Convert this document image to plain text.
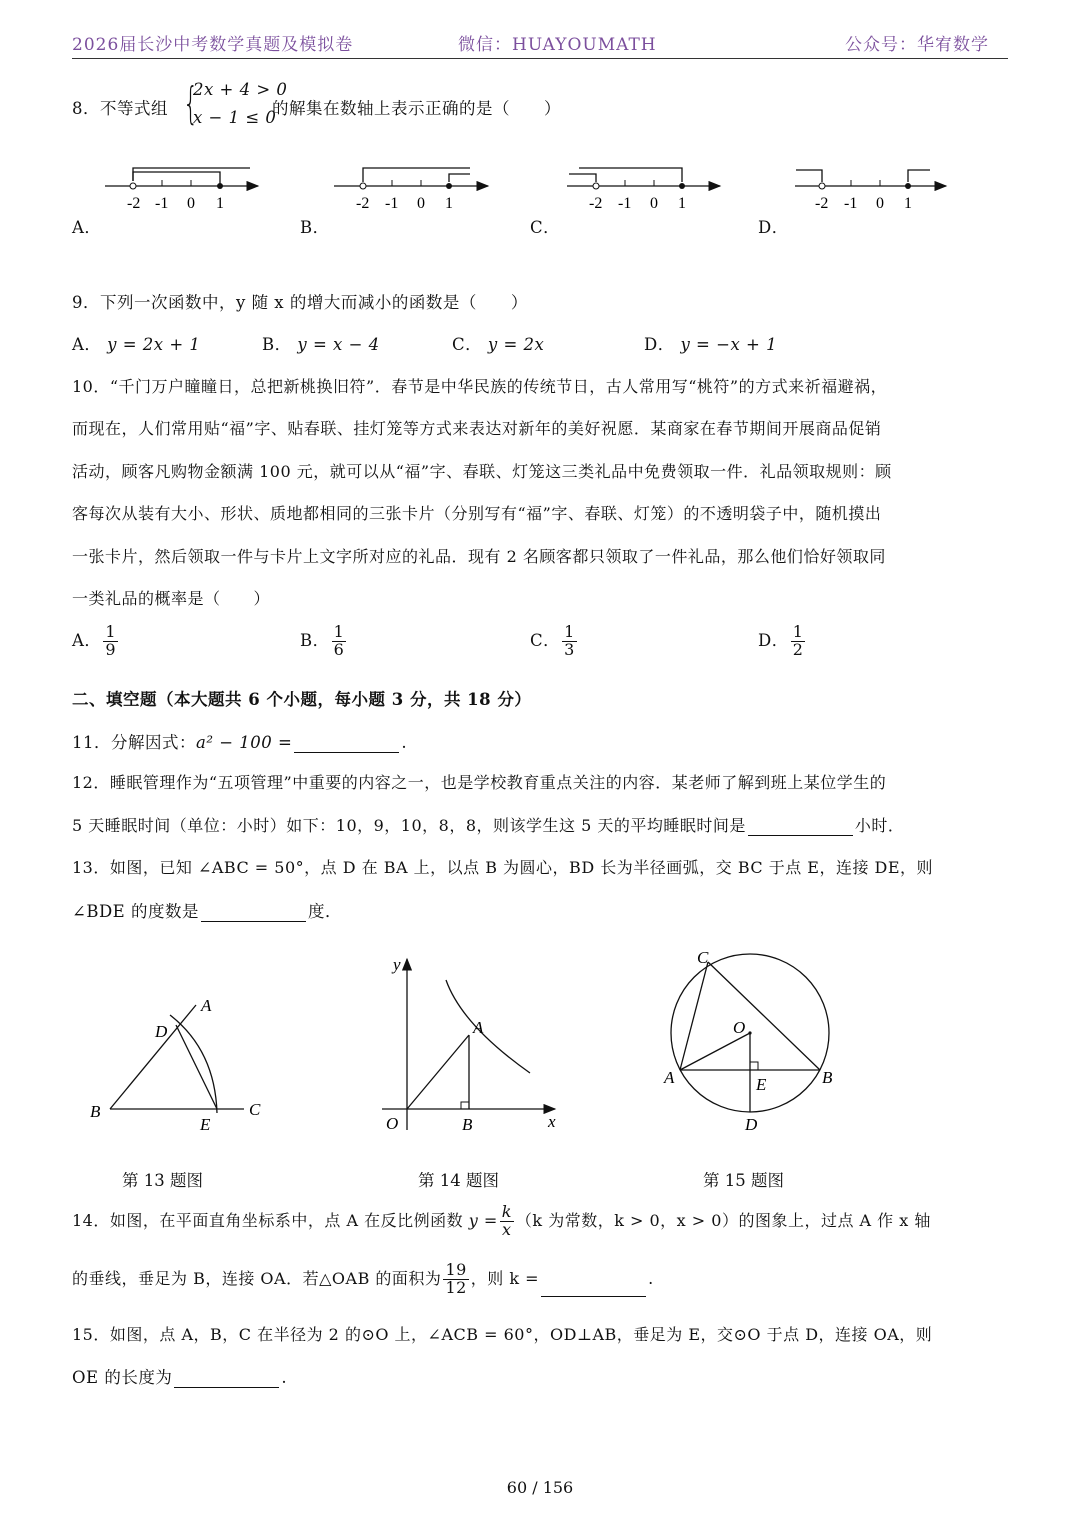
2026届长沙中考数学真题及模拟卷	微信：HUAYOUMATH	公众号：华宥数学
8．不等式组 {
2x + 4 > 0
x − 1 ≤ 0
的解集在数轴上表示正确的是（　　）
-2 -1 0 1	-2 -1 0 1	-2 -1 0 1	-2 -1 0 1
A．	B．	C．	D．
9．下列一次函数中，y 随 x 的增大而减小的函数是（　　）
A． y = 2x + 1	B． y = x − 4	C． y = 2x	D． y = −x + 1
10．“千门万户瞳瞳日，总把新桃换旧符”．春节是中华民族的传统节日，古人常用写“桃符”的方式来祈福避祸，
而现在，人们常用贴“福”字、贴春联、挂灯笼等方式来表达对新年的美好祝愿．某商家在春节期间开展商品促销
活动，顾客凡购物金额满 100 元，就可以从“福”字、春联、灯笼这三类礼品中免费领取一件．礼品领取规则：顾
客每次从装有大小、形状、质地都相同的三张卡片（分别写有“福”字、春联、灯笼）的不透明袋子中，随机摸出
一张卡片，然后领取一件与卡片上文字所对应的礼品．现有 2 名顾客都只领取了一件礼品，那么他们恰好领取同
一类礼品的概率是（　　）
A． $\frac{1}{9}$	B． $\frac{1}{6}$	C． $\frac{1}{3}$	D． $\frac{1}{2}$
二、填空题（本大题共 6 个小题，每小题 3 分，共 18 分）
11．分解因式：a² − 100 =	.
12．睡眠管理作为“五项管理”中重要的内容之一，也是学校教育重点关注的内容．某老师了解到班上某位学生的
5 天睡眠时间（单位：小时）如下：10，9，10，8，8，则该学生这 5 天的平均睡眠时间是	小时．
13．如图，已知 ∠ABC = 50°，点 D 在 BA 上，以点 B 为圆心，BD 长为半径画弧，交 BC 于点 E，连接 DE，则
∠BDE 的度数是	度．
B	C
A
D
E
y
x
O
A
B
C
O
A	B
E
D
第 13 题图	第 14 题图	第 15 题图
14．如图，在平面直角坐标系中，点 A 在反比例函数 $y = \frac{k}{x} (k$ 为常数，k > 0，x > 0）的图象上，过点 A 作 x 轴
的垂线，垂足为 B，连接 OA．若△OAB 的面积为 $\frac{19}{12}$ ，则 k =	.
15．如图，点 A，B，C 在半径为 2 的⊙O 上，∠ACB = 60°，OD⊥AB，垂足为 E，交⊙O 于点 D，连接 OA，则
OE 的长度为	.
60 / 156
